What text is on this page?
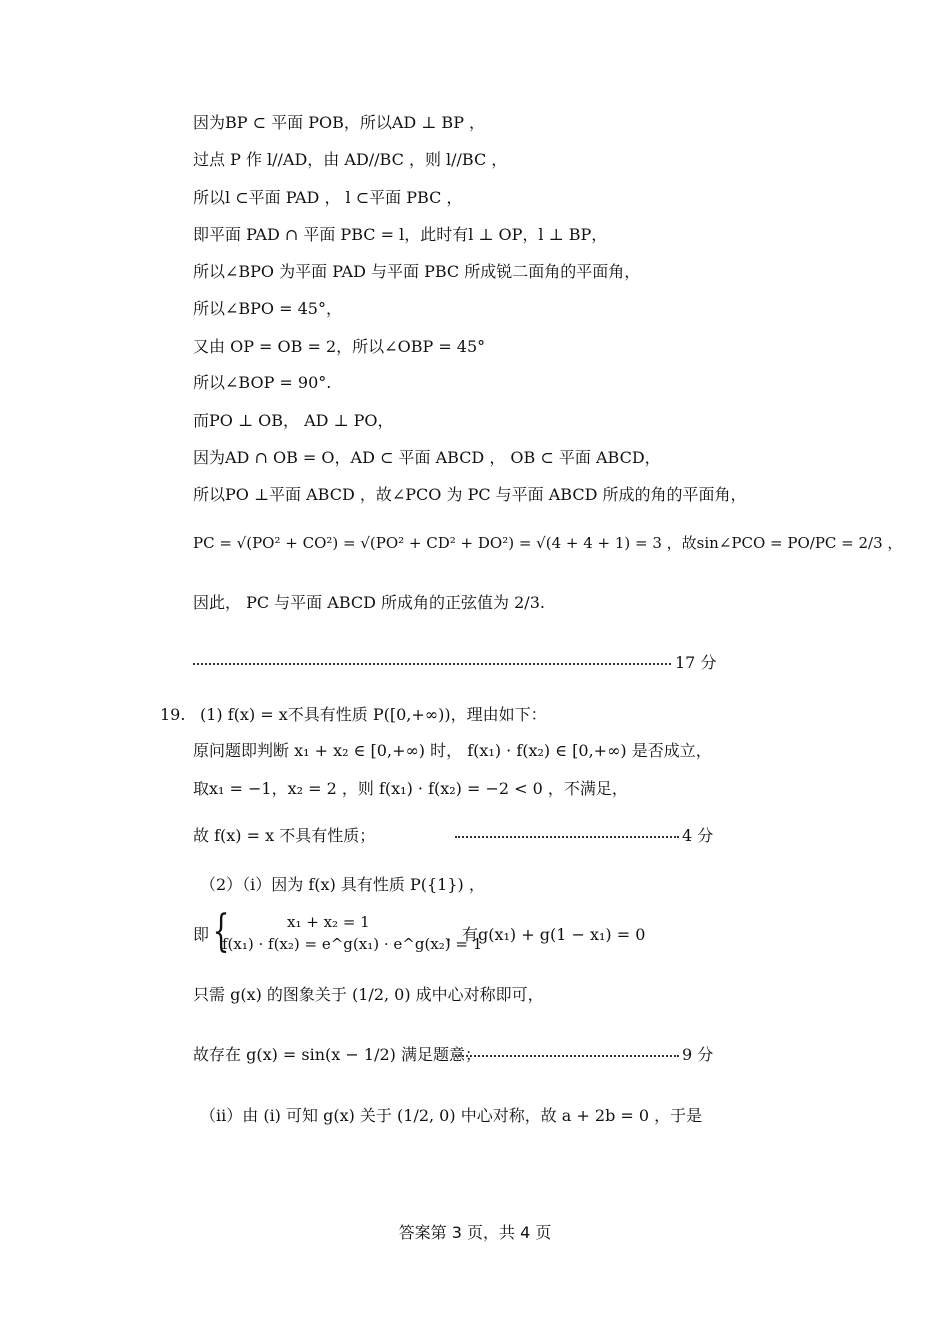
因为BP ⊂ 平面 POB，所以AD ⊥ BP ，
过点 P 作 l//AD，由 AD//BC ，则 l//BC ，
所以l ⊂平面 PAD ， l ⊂平面 PBC ，
即平面 PAD ∩ 平面 PBC = l，此时有l ⊥ OP，l ⊥ BP，
所以∠BPO 为平面 PAD 与平面 PBC 所成锐二面角的平面角，
所以∠BPO = 45°，
又由 OP = OB = 2，所以∠OBP = 45°
所以∠BOP = 90°.
而PO ⊥ OB， AD ⊥ PO，
因为AD ∩ OB = O，AD ⊂ 平面 ABCD ， OB ⊂ 平面 ABCD，
所以PO ⊥平面 ABCD ，故∠PCO 为 PC 与平面 ABCD 所成的角的平面角，
PC = √(PO² + CO²) = √(PO² + CD² + DO²) = √(4 + 4 + 1) = 3 ，故sin∠PCO = PO/PC = 2/3 ，
因此， PC 与平面 ABCD 所成角的正弦值为 2/3.
17 分
19. (1) f(x) = x不具有性质 P([0,+∞))，理由如下：
原问题即判断 x₁ + x₂ ∈ [0,+∞) 时， f(x₁) · f(x₂) ∈ [0,+∞) 是否成立，
取x₁ = −1，x₂ = 2 ，则 f(x₁) · f(x₂) = −2 < 0 ，不满足，
故 f(x) = x 不具有性质；	4 分
（2）（i）因为 f(x) 具有性质 P({1}) ，
即 {	x₁ + x₂ = 1
f(x₁) · f(x₂) = e^g(x₁) · e^g(x₂) = 1
，有g(x₁) + g(1 − x₁) = 0
只需 g(x) 的图象关于 (1/2, 0) 成中心对称即可，
故存在 g(x) = sin(x − 1/2) 满足题意；	9 分
（ii）由 (i) 可知 g(x) 关于 (1/2, 0) 中心对称，故 a + 2b = 0 ，于是
答案第 3 页，共 4 页
